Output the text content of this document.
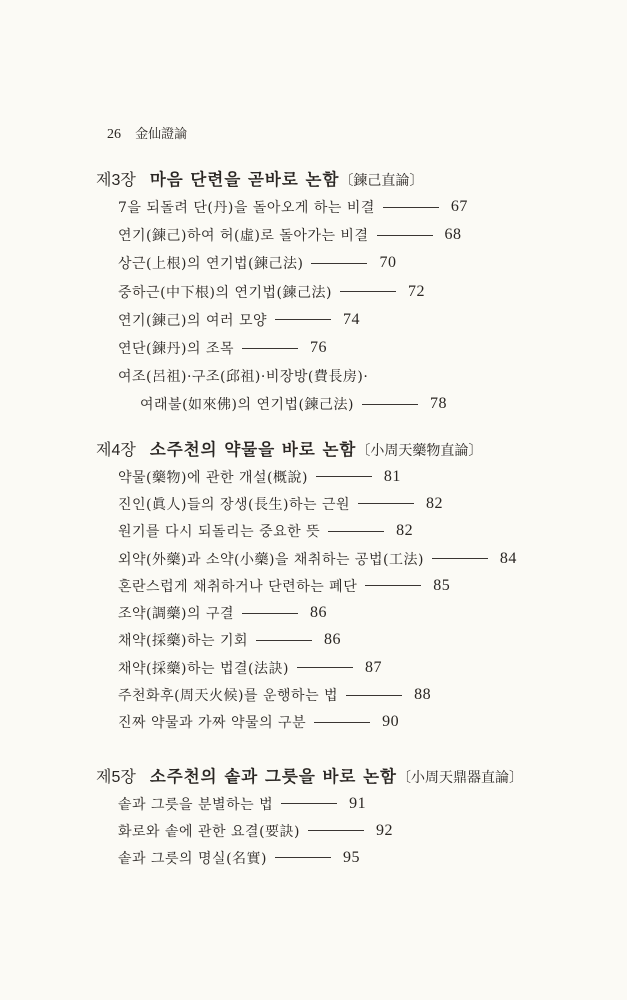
26 金仙證論
제3장 마음 단련을 곧바로 논함〔鍊己直論〕
7을 되돌려 단(丹)을 돌아오게 하는 비결	67
연기(鍊己)하여 허(虛)로 돌아가는 비결	68
상근(上根)의 연기법(鍊己法)	70
중하근(中下根)의 연기법(鍊己法)	72
연기(鍊己)의 여러 모양	74
연단(鍊丹)의 조목	76
여조(呂祖)·구조(邱祖)·비장방(費長房)·
여래불(如來佛)의 연기법(鍊己法)	78
제4장 소주천의 약물을 바로 논함〔小周天藥物直論〕
약물(藥物)에 관한 개설(概說)	81
진인(眞人)들의 장생(長生)하는 근원	82
원기를 다시 되돌리는 중요한 뜻	82
외약(外藥)과 소약(小藥)을 채취하는 공법(工法)	84
혼란스럽게 채취하거나 단련하는 폐단	85
조약(調藥)의 구결	86
채약(採藥)하는 기회	86
채약(採藥)하는 법결(法訣)	87
주천화후(周天火候)를 운행하는 법	88
진짜 약물과 가짜 약물의 구분	90
제5장 소주천의 솥과 그릇을 바로 논함〔小周天鼎器直論〕
솥과 그릇을 분별하는 법	91
화로와 솥에 관한 요결(要訣)	92
솥과 그릇의 명실(名實)	95
